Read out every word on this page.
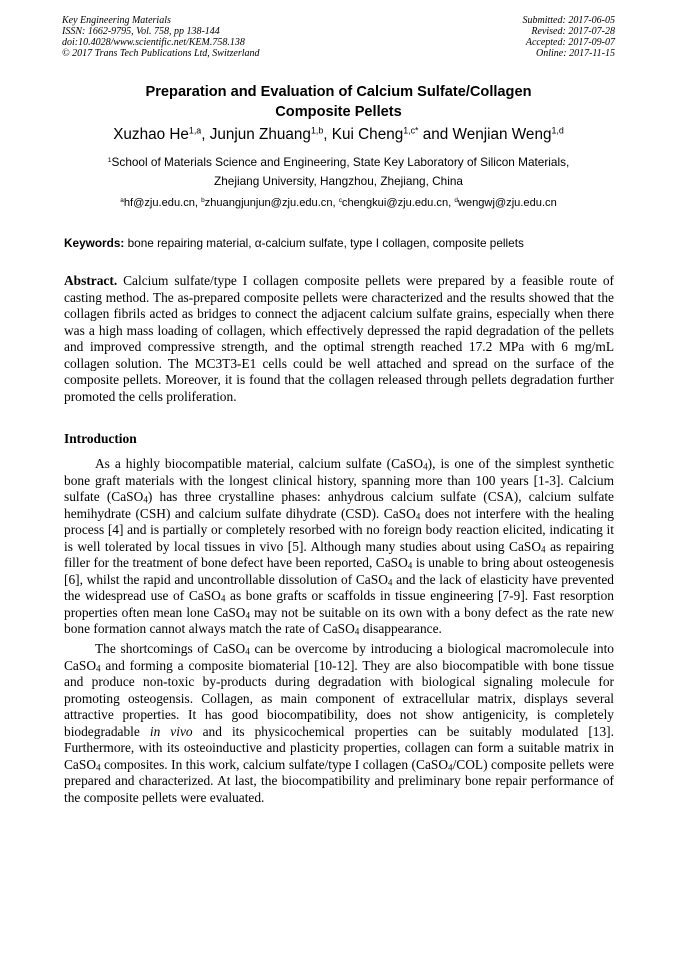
Key Engineering Materials
ISSN: 1662-9795, Vol. 758, pp 138-144
doi:10.4028/www.scientific.net/KEM.758.138
© 2017 Trans Tech Publications Ltd, Switzerland
Submitted: 2017-06-05
Revised: 2017-07-28
Accepted: 2017-09-07
Online: 2017-11-15
Preparation and Evaluation of Calcium Sulfate/Collagen
Composite Pellets
Xuzhao He$^{1,a}$, Junjun Zhuang$^{1,b}$, Kui Cheng$^{1,c*}$ and Wenjian Weng$^{1,d}$
$^1$School of Materials Science and Engineering, State Key Laboratory of Silicon Materials,
Zhejiang University, Hangzhou, Zhejiang, China
$^a$hf@zju.edu.cn, $^b$zhuangjunjun@zju.edu.cn, $^c$chengkui@zju.edu.cn, $^d$wengwj@zju.edu.cn
Keywords: bone repairing material, α-calcium sulfate, type I collagen, composite pellets
Abstract. Calcium sulfate/type I collagen composite pellets were prepared by a feasible route of casting method. The as-prepared composite pellets were characterized and the results showed that the collagen fibrils acted as bridges to connect the adjacent calcium sulfate grains, especially when there was a high mass loading of collagen, which effectively depressed the rapid degradation of the pellets and improved compressive strength, and the optimal strength reached 17.2 MPa with 6 mg/mL collagen solution. The MC3T3-E1 cells could be well attached and spread on the surface of the composite pellets. Moreover, it is found that the collagen released through pellets degradation further promoted the cells proliferation.
Introduction
As a highly biocompatible material, calcium sulfate (CaSO$_4$), is one of the simplest synthetic bone graft materials with the longest clinical history, spanning more than 100 years [1-3]. Calcium sulfate (CaSO$_4$) has three crystalline phases: anhydrous calcium sulfate (CSA), calcium sulfate hemihydrate (CSH) and calcium sulfate dihydrate (CSD). CaSO$_4$ does not interfere with the healing process [4] and is partially or completely resorbed with no foreign body reaction elicited, indicating it is well tolerated by local tissues in vivo [5]. Although many studies about using CaSO$_4$ as repairing filler for the treatment of bone defect have been reported, CaSO$_4$ is unable to bring about osteogenesis [6], whilst the rapid and uncontrollable dissolution of CaSO$_4$ and the lack of elasticity have prevented the widespread use of CaSO$_4$ as bone grafts or scaffolds in tissue engineering [7-9]. Fast resorption properties often mean lone CaSO$_4$ may not be suitable on its own with a bony defect as the rate new bone formation cannot always match the rate of CaSO$_4$ disappearance.
The shortcomings of CaSO$_4$ can be overcome by introducing a biological macromolecule into CaSO$_4$ and forming a composite biomaterial [10-12]. They are also biocompatible with bone tissue and produce non-toxic by-products during degradation with biological signaling molecule for promoting osteogensis. Collagen, as main component of extracellular matrix, displays several attractive properties. It has good biocompatibility, does not show antigenicity, is completely biodegradable in vivo and its physicochemical properties can be suitably modulated [13]. Furthermore, with its osteoinductive and plasticity properties, collagen can form a suitable matrix in CaSO$_4$ composites. In this work, calcium sulfate/type I collagen (CaSO$_4$/COL) composite pellets were prepared and characterized. At last, the biocompatibility and preliminary bone repair performance of the composite pellets were evaluated.
